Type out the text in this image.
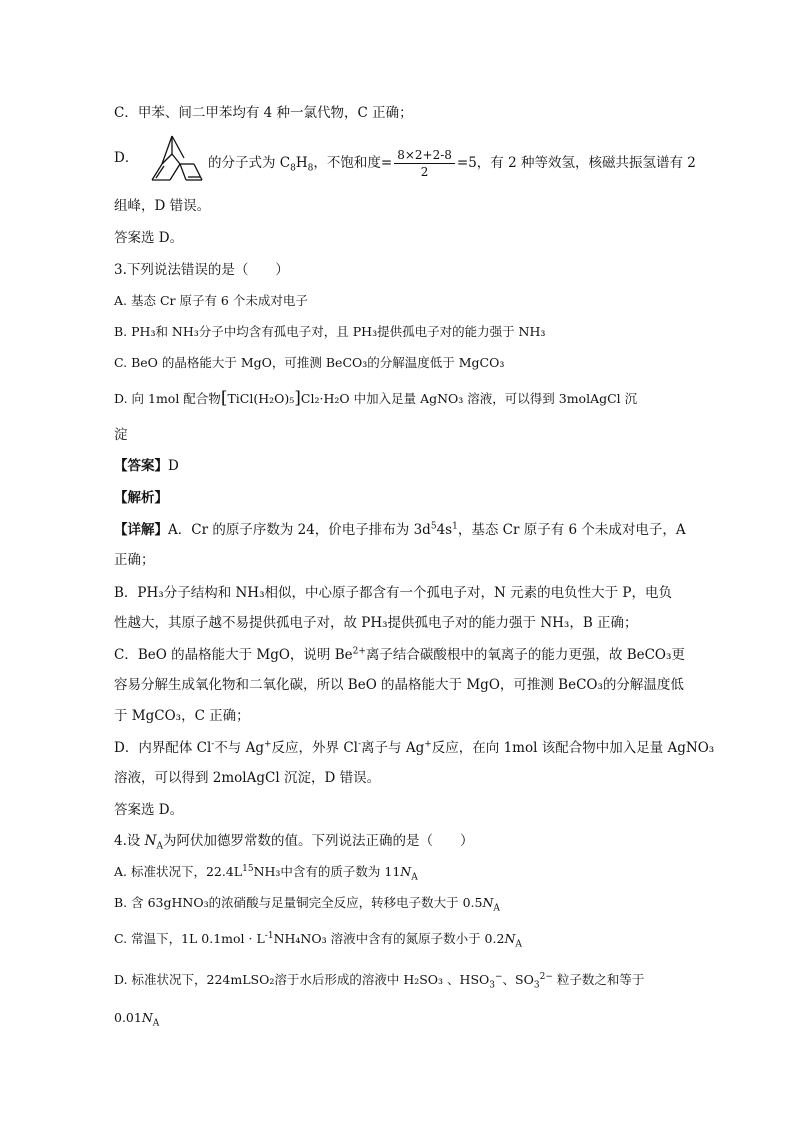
C．甲苯、间二甲苯均有 4 种一氯代物，C 正确；
D．	的分子式为 $C_8H_8$，不饱和度= $\frac{8\times 2+2-8}{2} =5$，有 2 种等效氢，核磁共振氢谱有 2
组峰，D 错误。
答案选 D。
3.下列说法错误的是（　　）
A. 基态 Cr 原子有 6 个未成对电子
B. PH₃和 NH₃分子中均含有孤电子对，且 PH₃提供孤电子对的能力强于 NH₃
C. BeO 的晶格能大于 MgO，可推测 BeCO₃的分解温度低于 MgCO₃
D. 向 1mol 配合物[TiCl(H₂O)₅]Cl₂·H₂O 中加入足量 AgNO₃ 溶液，可以得到 3molAgCl 沉
淀
【答案】D
【解析】
【详解】A．Cr 的原子序数为 24，价电子排布为 $3d^54s^1$，基态 Cr 原子有 6 个未成对电子，A
正确；
B．PH₃分子结构和 NH₃相似，中心原子都含有一个孤电子对，N 元素的电负性大于 P，电负
性越大，其原子越不易提供孤电子对，故 PH₃提供孤电子对的能力强于 NH₃，B 正确；
C．BeO 的晶格能大于 MgO，说明 $Be^{2+}$离子结合碳酸根中的氧离子的能力更强，故 BeCO₃更
容易分解生成氧化物和二氧化碳，所以 BeO 的晶格能大于 MgO，可推测 BeCO₃的分解温度低
于 MgCO₃，C 正确；
D．内界配体 Cl-不与 Ag+反应，外界 Cl-离子与 Ag+反应，在向 1mol 该配合物中加入足量 AgNO₃
溶液，可以得到 2molAgCl 沉淀，D 错误。
答案选 D。
4.设 $N_A$为阿伏加德罗常数的值。下列说法正确的是（　　）
A. 标准状况下，$22.4L^{15}NH_3$中含有的质子数为 $11N_A$
B. 含 63gHNO₃的浓硝酸与足量铜完全反应，转移电子数大于 $0.5N_A$
C. 常温下，1L $0.1mol \cdot L^{-1}NH_4NO_3$ 溶液中含有的氮原子数小于 $0.2N_A$
D. 标准状况下，224mLSO₂溶于水后形成的溶液中 H₂SO₃ 、$HSO_3^-$、$SO_3^{2-}$ 粒子数之和等于
$0.01N_A$
